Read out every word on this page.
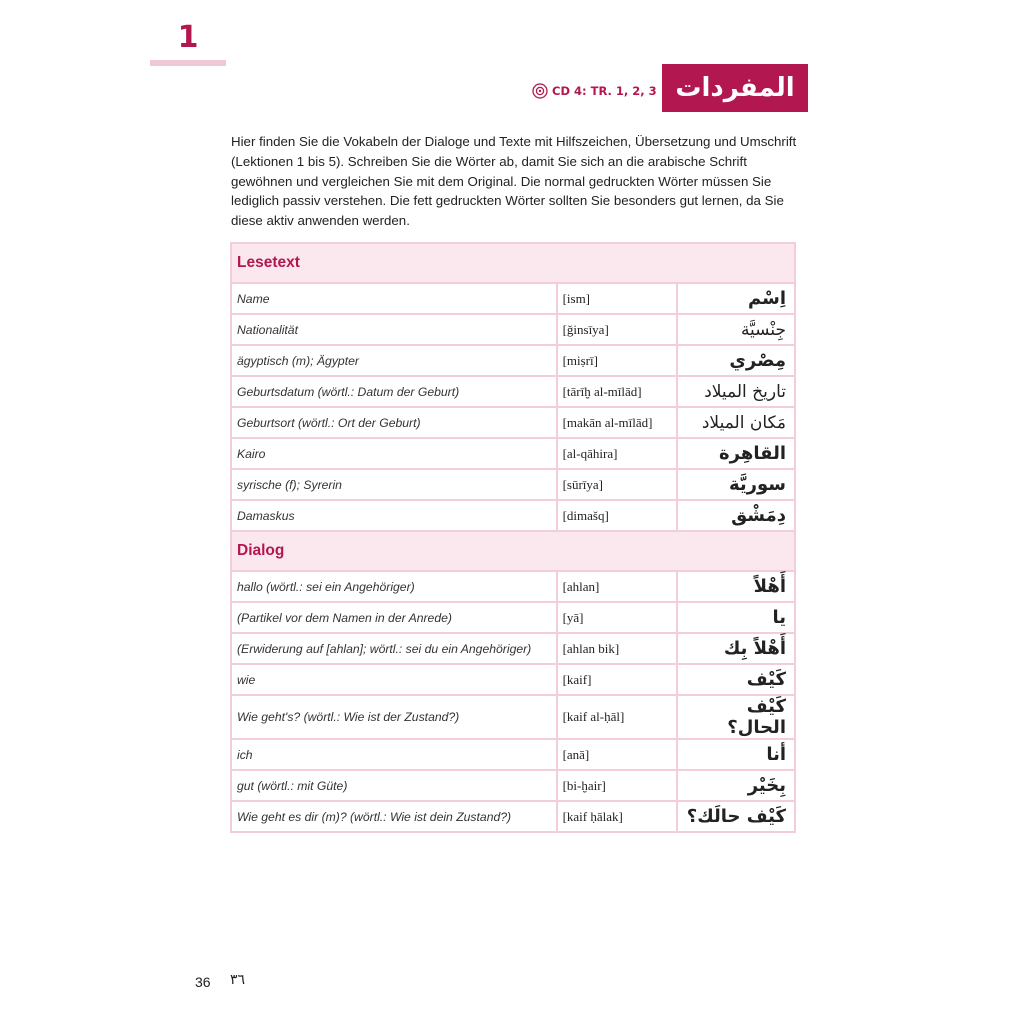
1
CD 4: TR. 1, 2, 3 المفردات

Hier finden Sie die Vokabeln der Dialoge und Texte mit Hilfszeichen, Übersetzung und Umschrift (Lektionen 1 bis 5). Schreiben Sie die Wörter ab, damit Sie sich an die arabische Schrift gewöhnen und vergleichen Sie mit dem Original. Die normal gedruckten Wörter müssen Sie lediglich passiv verstehen. Die fett gedruckten Wörter sollten Sie besonders gut lernen, da Sie diese aktiv anwenden werden.

Lesetext		
Name	[ism]	اِسْم
Nationalität	[ǧinsīya]	جِنْسيَّة
ägyptisch (m); Ägypter	[miṣrī]	مِصْري
Geburtsdatum (wörtl.: Datum der Geburt)	[tārīḫ al-mīlād]	تاريخ الميلاد
Geburtsort (wörtl.: Ort der Geburt)	[makān al-mīlād]	مَكان الميلاد
Kairo	[al-qāhira]	القاهِرة
syrische (f); Syrerin	[sūrīya]	سوريَّة
Damaskus	[dimašq]	دِمَشْق
Dialog		
hallo (wörtl.: sei ein Angehöriger)	[ahlan]	أَهْلاً
(Partikel vor dem Namen in der Anrede)	[yā]	يا
(Erwiderung auf [ahlan]; wörtl.: sei du ein Angehöriger)	[ahlan bik]	أَهْلاً بِك
wie	[kaif]	كَيْف
Wie geht's? (wörtl.: Wie ist der Zustand?)	[kaif al-ḥāl]	كَيْف الحال؟
ich	[anā]	أنا
gut (wörtl.: mit Güte)	[bi-ḫair]	بِخَيْر
Wie geht es dir (m)? (wörtl.: Wie ist dein Zustand?)	[kaif ḥālak]	كَيْف حالَك؟
36 ٣٦
